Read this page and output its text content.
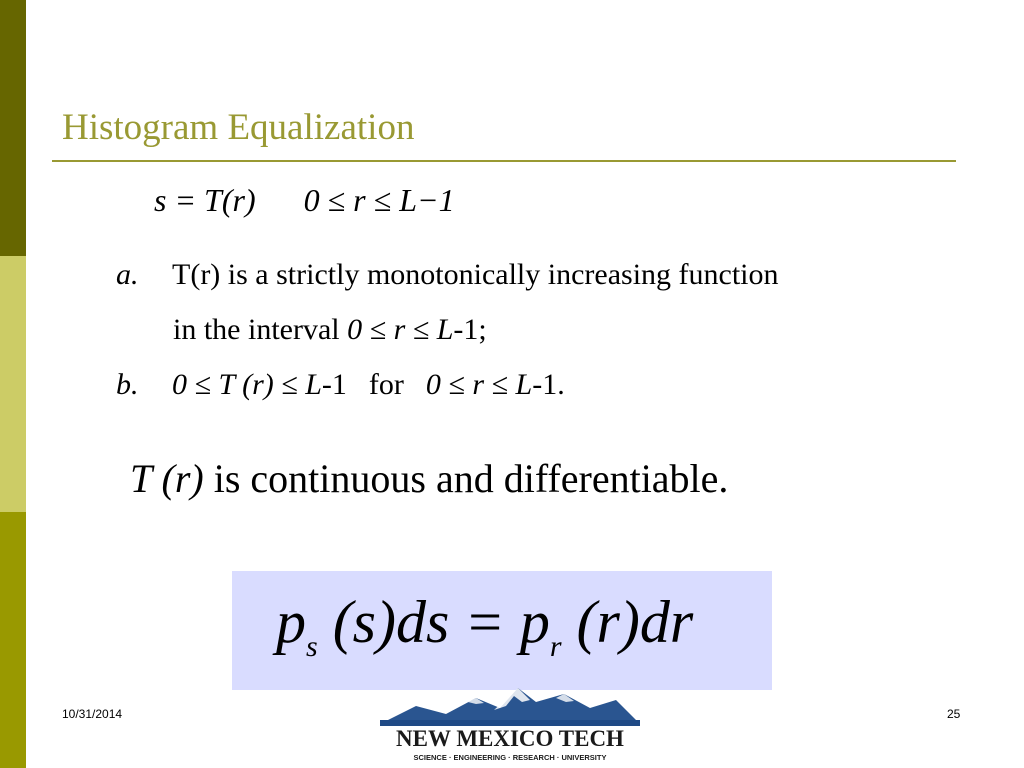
Histogram Equalization
s = T(r) 0 ≤ r ≤ L−1
a. T(r) is a strictly monotonically increasing function
in the interval 0 ≤ r ≤ L-1;
b. 0 ≤ T (r) ≤ L-1 for 0 ≤ r ≤ L-1.
T (r) is continuous and differentiable.
$p_s$ $(s)ds = p_r$ (r)dr
10/31/2014	25
NEW MEXICO TECH
SCIENCE · ENGINEERING · RESEARCH · UNIVERSITY
